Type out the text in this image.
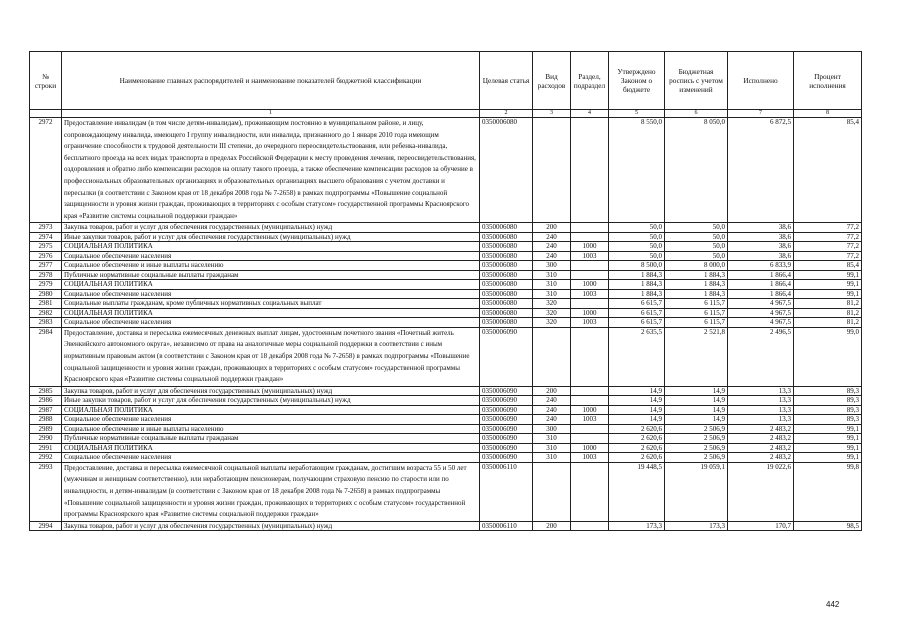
№ строки	Наименование главных распорядителей и наименование показателей бюджетной классификации	Целевая статья	Вид расходов	Раздел, подраздел	Утверждено Законом о бюджете	Бюджетная роспись с учетом изменений	Исполнено	Процент исполнения
	1	2	3	4	5	6	7	8
2972	Предоставление инвалидам (в том числе детям-инвалидам), проживающим постоянно в муниципальном районе, и лицу, сопровождающему инвалида, имеющего I группу инвалидности, или инвалида, признанного до 1 января 2010 года имеющим ограничение способности к трудовой деятельности III степени, до очередного переосвидетельствования, или ребенка-инвалида, бесплатного проезда на всех видах транспорта в пределах Российской Федерации к месту проведения лечения, переосвидетельствования, оздоровления и обратно либо компенсации расходов на оплату такого проезда, а также обеспечение компенсации расходов за обучение в профессиональных образовательных организациях и образовательных организациях высшего образования с учетом доставки и пересылки (в соответствии с Законом края от 18 декабря 2008 года № 7-2658) в рамках подпрограммы «Повышение социальной защищенности и уровня жизни граждан, проживающих в территориях с особым статусом» государственной программы Красноярского края «Развитие системы социальной поддержки граждан»	0350006080			8 550,0	8 050,0	6 872,5	85,4
2973	Закупка товаров, работ и услуг для обеспечения государственных (муниципальных) нужд	0350006080	200		50,0	50,0	38,6	77,2
2974	Иные закупки товаров, работ и услуг для обеспечения государственных (муниципальных) нужд	0350006080	240		50,0	50,0	38,6	77,2
2975	СОЦИАЛЬНАЯ ПОЛИТИКА	0350006080	240	1000	50,0	50,0	38,6	77,2
2976	Социальное обеспечение населения	0350006080	240	1003	50,0	50,0	38,6	77,2
2977	Социальное обеспечение и иные выплаты населению	0350006080	300		8 500,0	8 000,0	6 833,9	85,4
2978	Публичные нормативные социальные выплаты гражданам	0350006080	310		1 884,3	1 884,3	1 866,4	99,1
2979	СОЦИАЛЬНАЯ ПОЛИТИКА	0350006080	310	1000	1 884,3	1 884,3	1 866,4	99,1
2980	Социальное обеспечение населения	0350006080	310	1003	1 884,3	1 884,3	1 866,4	99,1
2981	Социальные выплаты гражданам, кроме публичных нормативных социальных выплат	0350006080	320		6 615,7	6 115,7	4 967,5	81,2
2982	СОЦИАЛЬНАЯ ПОЛИТИКА	0350006080	320	1000	6 615,7	6 115,7	4 967,5	81,2
2983	Социальное обеспечение населения	0350006080	320	1003	6 615,7	6 115,7	4 967,5	81,2
2984	Предоставление, доставка и пересылка ежемесячных денежных выплат лицам, удостоенным почетного звания «Почетный житель Эвенкийского автономного округа», независимо от права на аналогичные меры социальной поддержки в соответствии с иным нормативным правовым актом (в соответствии с Законом края от 18 декабря 2008 года № 7-2658) в рамках подпрограммы «Повышение социальной защищенности и уровня жизни граждан, проживающих в территориях с особым статусом» государственной программы Красноярского края «Развитие системы социальной поддержки граждан»	0350006090			2 635,5	2 521,8	2 496,5	99,0
2985	Закупка товаров, работ и услуг для обеспечения государственных (муниципальных) нужд	0350006090	200		14,9	14,9	13,3	89,3
2986	Иные закупки товаров, работ и услуг для обеспечения государственных (муниципальных) нужд	0350006090	240		14,9	14,9	13,3	89,3
2987	СОЦИАЛЬНАЯ ПОЛИТИКА	0350006090	240	1000	14,9	14,9	13,3	89,3
2988	Социальное обеспечение населения	0350006090	240	1003	14,9	14,9	13,3	89,3
2989	Социальное обеспечение и иные выплаты населению	0350006090	300		2 620,6	2 506,9	2 483,2	99,1
2990	Публичные нормативные социальные выплаты гражданам	0350006090	310		2 620,6	2 506,9	2 483,2	99,1
2991	СОЦИАЛЬНАЯ ПОЛИТИКА	0350006090	310	1000	2 620,6	2 506,9	2 483,2	99,1
2992	Социальное обеспечение населения	0350006090	310	1003	2 620,6	2 506,9	2 483,2	99,1
2993	Предоставление, доставка и пересылка ежемесячной социальной выплаты неработающим гражданам, достигшим возраста 55 и 50 лет (мужчинам и женщинам соответственно), или неработающим пенсионерам, получающим страховую пенсию по старости или по инвалидности, и детям-инвалидам (в соответствии с Законом края от 18 декабря 2008 года № 7-2658) в рамках подпрограммы «Повышение социальной защищенности и уровня жизни граждан, проживающих в территориях с особым статусом» государственной программы Красноярского края «Развитие системы социальной поддержки граждан»	0350006110			19 448,5	19 059,1	19 022,6	99,8
2994	Закупка товаров, работ и услуг для обеспечения государственных (муниципальных) нужд	0350006110	200		173,3	173,3	170,7	98,5
442
